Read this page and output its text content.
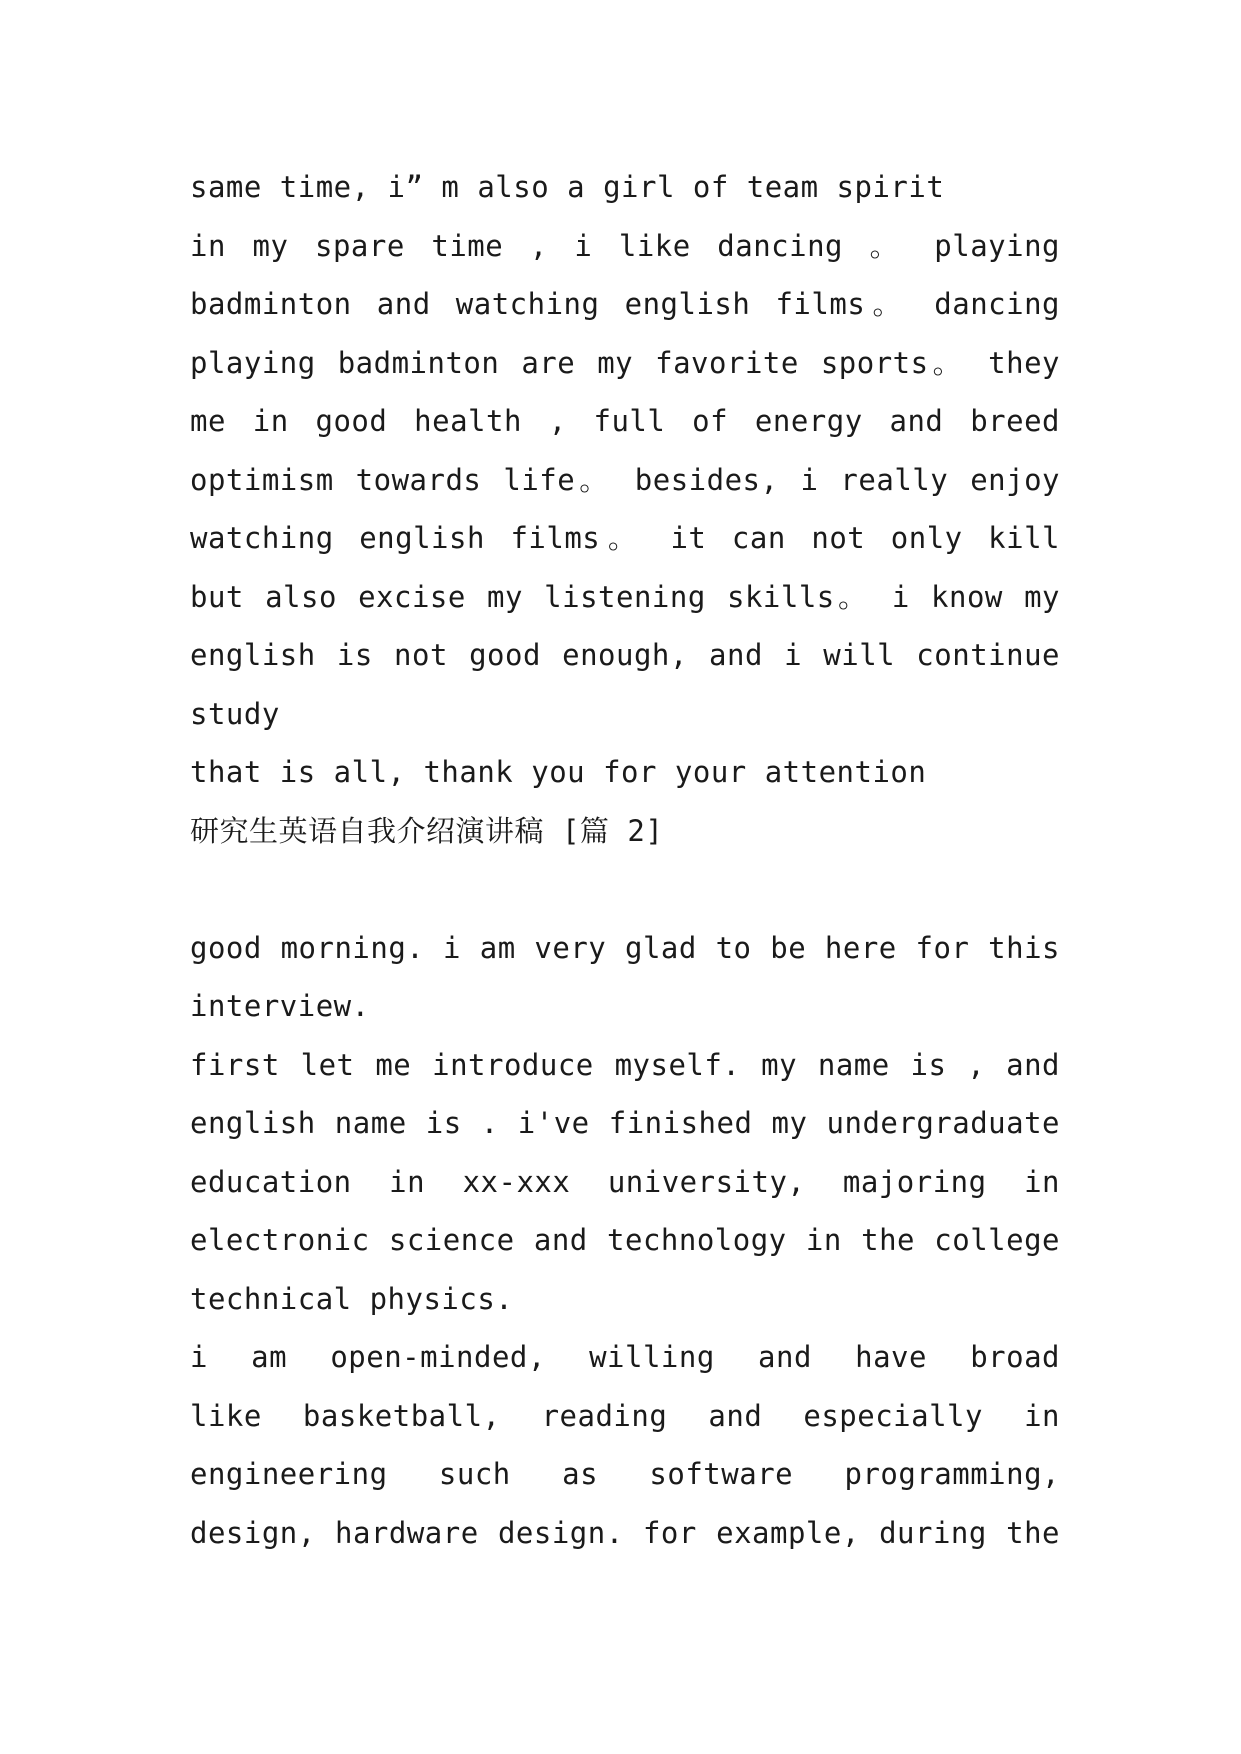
same time, i” m also a girl of team spirit
in my spare time , i like dancing 。 playing
badminton and watching english films。 dancing
playing badminton are my favorite sports。 they
me in good health , full of energy and breed
optimism towards life。 besides, i really enjoy
watching english films。 it can not only kill
but also excise my listening skills。 i know my
english is not good enough, and i will continue
study
that is all, thank you for your attention
研究生英语自我介绍演讲稿 [篇 2]
good morning. i am very glad to be here for this
interview.
first let me introduce myself. my name is , and
english name is . i've finished my undergraduate
education in xx-xxx university, majoring in
electronic science and technology in the college
technical physics.
i am open-minded, willing and have broad
like basketball, reading and especially in
engineering such as software programming,
design, hardware design. for example, during the
